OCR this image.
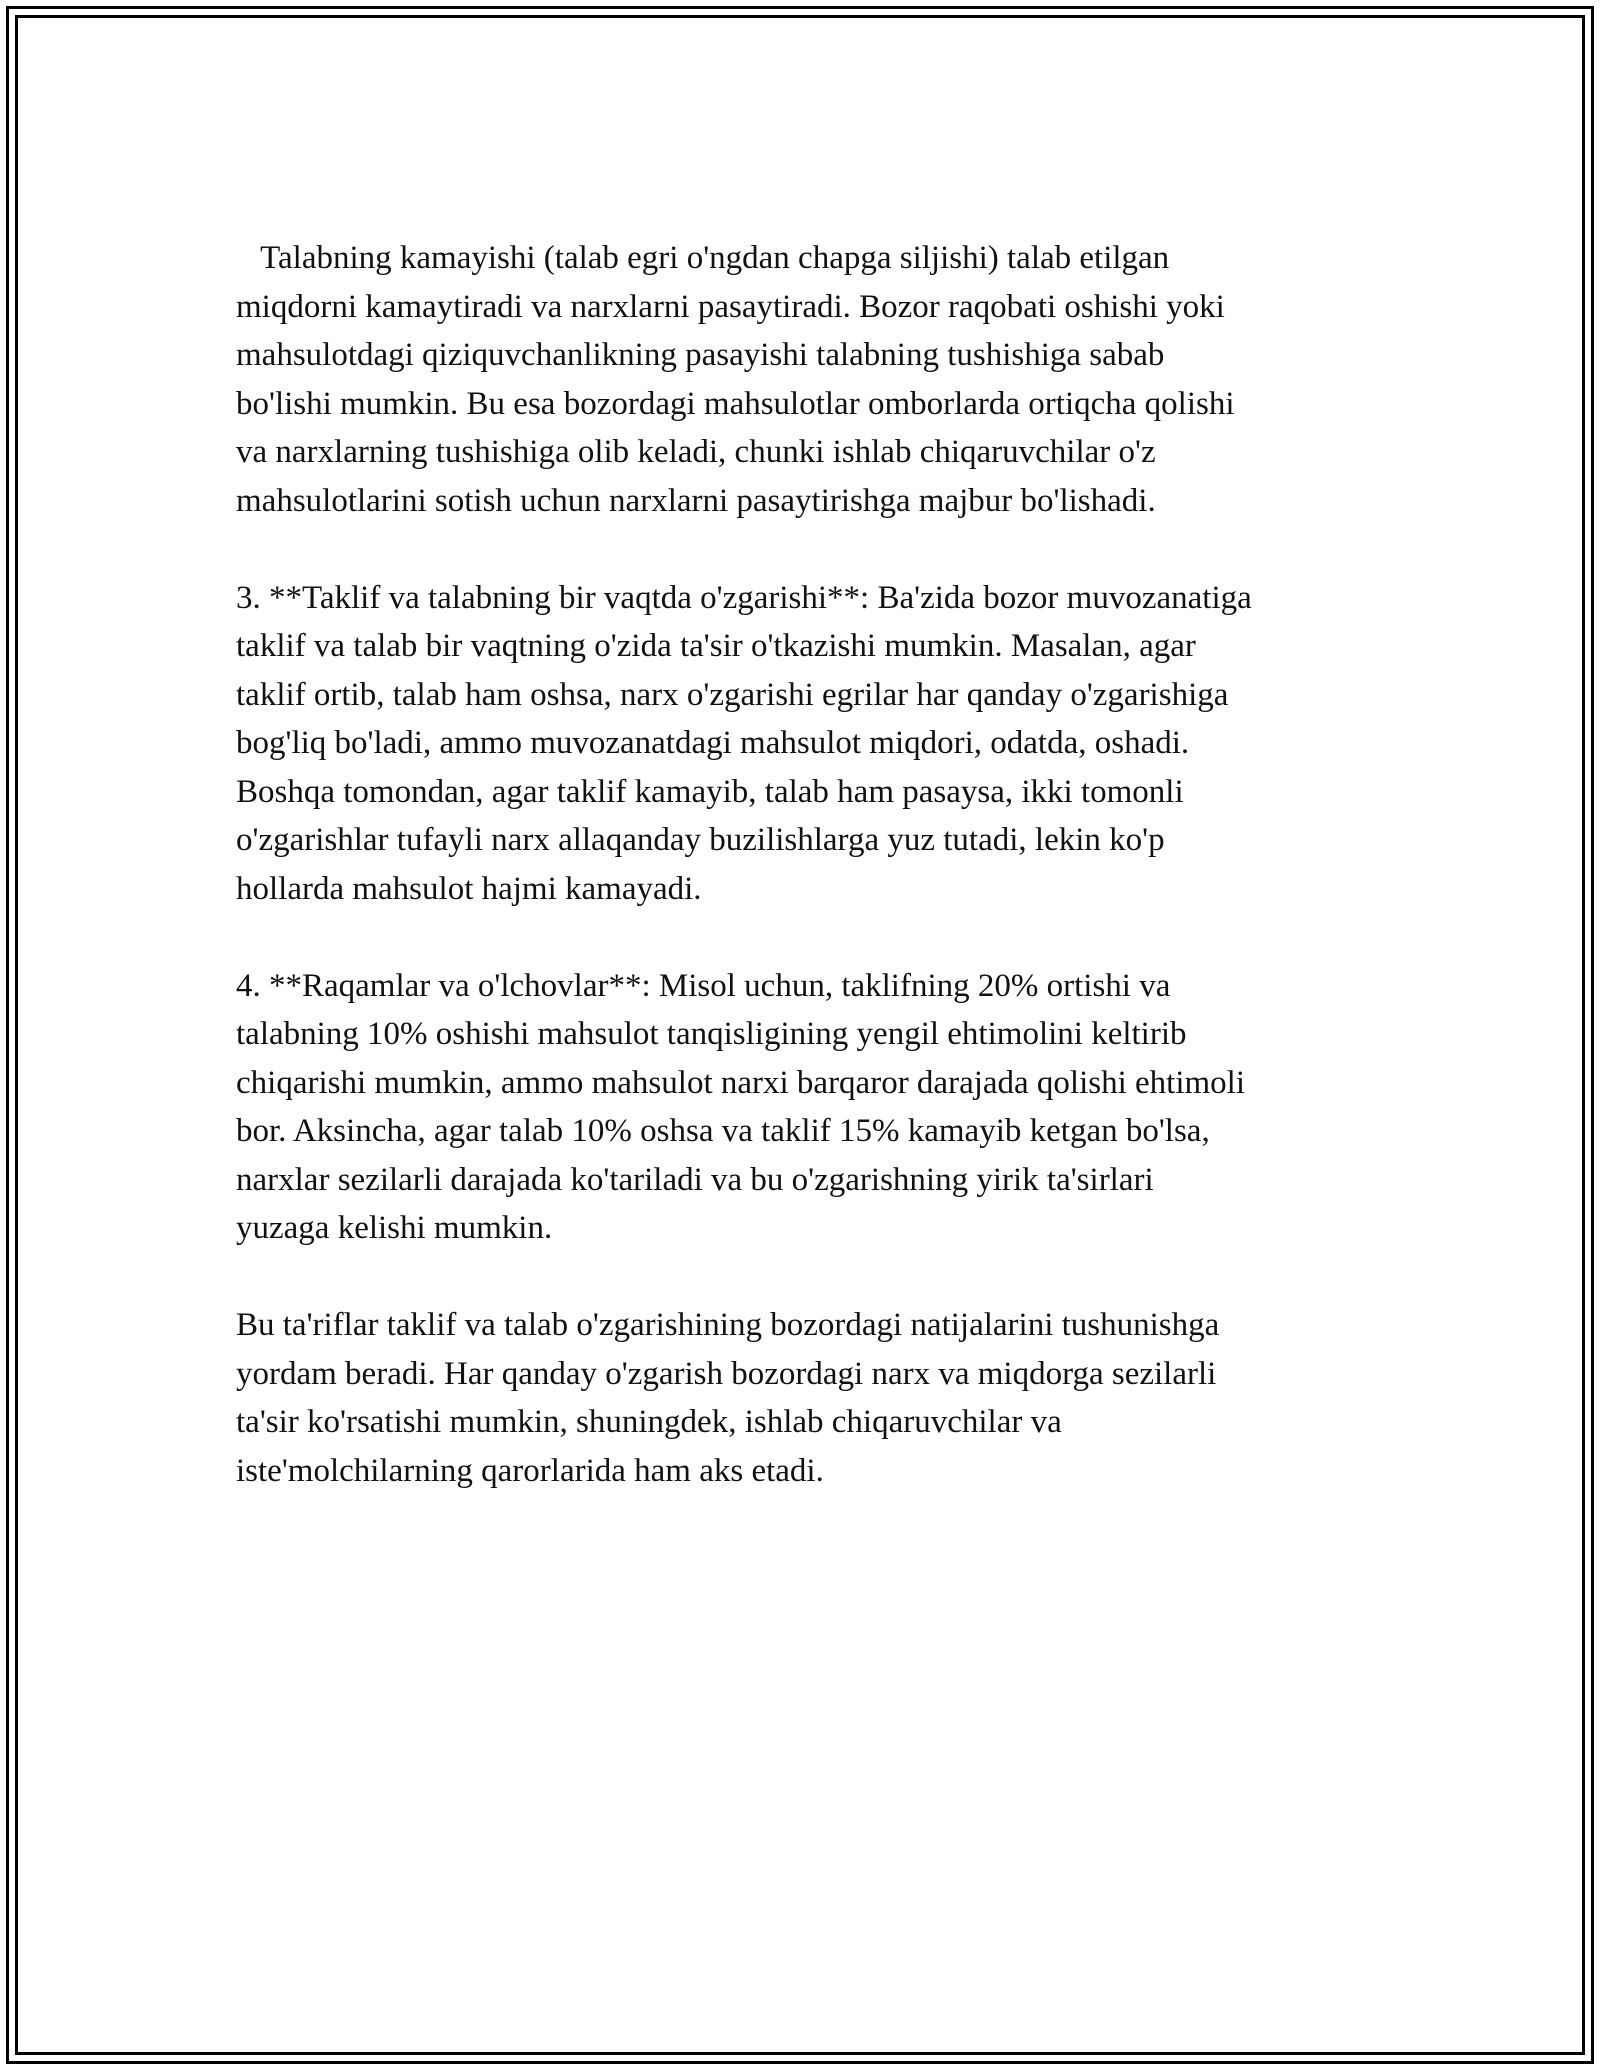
Talabning kamayishi (talab egri o'ngdan chapga siljishi) talab etilgan
miqdorni kamaytiradi va narxlarni pasaytiradi. Bozor raqobati oshishi yoki
mahsulotdagi qiziquvchanlikning pasayishi talabning tushishiga sabab
bo'lishi mumkin. Bu esa bozordagi mahsulotlar omborlarda ortiqcha qolishi
va narxlarning tushishiga olib keladi, chunki ishlab chiqaruvchilar o'z
mahsulotlarini sotish uchun narxlarni pasaytirishga majbur bo'lishadi.

3. **Taklif va talabning bir vaqtda o'zgarishi**: Ba'zida bozor muvozanatiga
taklif va talab bir vaqtning o'zida ta'sir o'tkazishi mumkin. Masalan, agar
taklif ortib, talab ham oshsa, narx o'zgarishi egrilar har qanday o'zgarishiga
bog'liq bo'ladi, ammo muvozanatdagi mahsulot miqdori, odatda, oshadi.
Boshqa tomondan, agar taklif kamayib, talab ham pasaysa, ikki tomonli
o'zgarishlar tufayli narx allaqanday buzilishlarga yuz tutadi, lekin ko'p
hollarda mahsulot hajmi kamayadi.

4. **Raqamlar va o'lchovlar**: Misol uchun, taklifning 20% ortishi va
talabning 10% oshishi mahsulot tanqisligining yengil ehtimolini keltirib
chiqarishi mumkin, ammo mahsulot narxi barqaror darajada qolishi ehtimoli
bor. Aksincha, agar talab 10% oshsa va taklif 15% kamayib ketgan bo'lsa,
narxlar sezilarli darajada ko'tariladi va bu o'zgarishning yirik ta'sirlari
yuzaga kelishi mumkin.

Bu ta'riflar taklif va talab o'zgarishining bozordagi natijalarini tushunishga
yordam beradi. Har qanday o'zgarish bozordagi narx va miqdorga sezilarli
ta'sir ko'rsatishi mumkin, shuningdek, ishlab chiqaruvchilar va
iste'molchilarning qarorlarida ham aks etadi.
